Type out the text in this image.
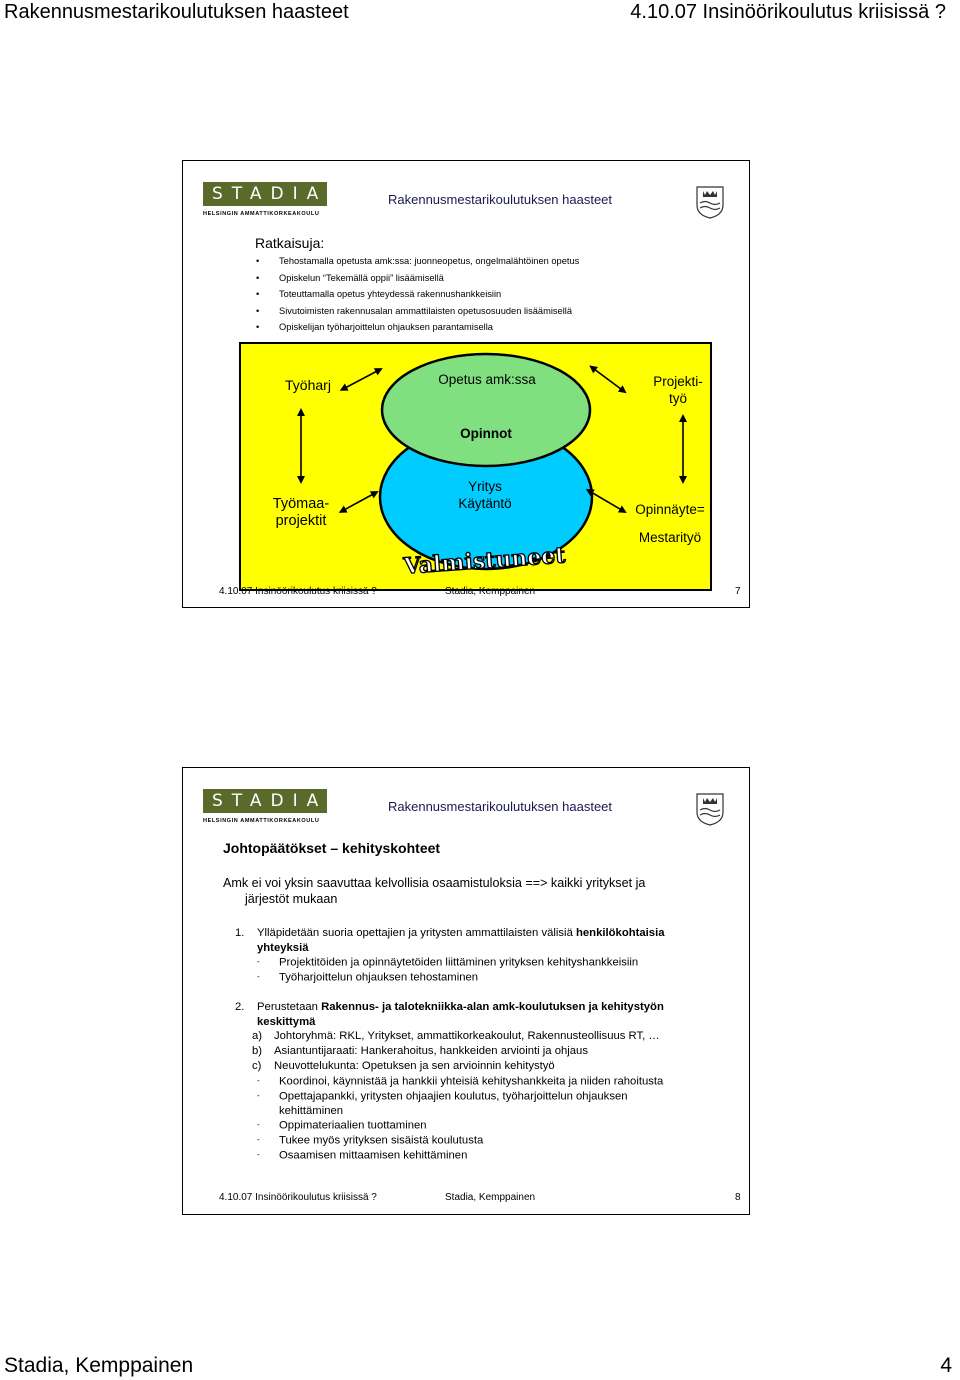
Rakennusmestarikoulutuksen haasteet	4.10.07 Insinöörikoulutus kriisissä ?
STADIA
HELSINGIN AMMATTIKORKEAKOULU
Rakennusmestarikoulutuksen haasteet
Ratkaisuja:
• Tehostamalla opetusta amk:ssa: juonneopetus, ongelmalähtöinen opetus
• Opiskelun “Tekemällä oppii” lisäämisellä
• Toteuttamalla opetus yhteydessä rakennushankkeisiin
• Sivutoimisten rakennusalan ammattilaisten opetusosuuden lisäämisellä
• Opiskelijan työharjoittelun ohjauksen parantamisella
Työharj	Opetus amk:ssa	Projekti-
työ
Opinnot
Työmaa-
projektit
Yritys
Käytäntö	Opinnäyte=
Mestarityö
Valmistuneet
4.10.07 Insinöörikoulutus kriisissä ?	Stadia, Kemppainen	7
STADIA
HELSINGIN AMMATTIKORKEAKOULU
Rakennusmestarikoulutuksen haasteet
Johtopäätökset – kehityskohteet
Amk ei voi yksin saavuttaa kelvollisia osaamistuloksia ==> kaikki yritykset ja
järjestöt mukaan
1. Ylläpidetään suoria opettajien ja yritysten ammattilaisten välisiä henkilökohtaisia
yhteyksiä
- Projektitöiden ja opinnäytetöiden liittäminen yrityksen kehityshankkeisiin
- Työharjoittelun ohjauksen tehostaminen
2. Perustetaan Rakennus- ja talotekniikka-alan amk-koulutuksen ja kehitystyön
keskittymä
a) Johtoryhmä: RKL, Yritykset, ammattikorkeakoulut, Rakennusteollisuus RT, …
b) Asiantuntijaraati: Hankerahoitus, hankkeiden arviointi ja ohjaus
c) Neuvottelukunta: Opetuksen ja sen arvioinnin kehitystyö
- Koordinoi, käynnistää ja hankkii yhteisiä kehityshankkeita ja niiden rahoitusta
- Opettajapankki, yritysten ohjaajien koulutus, työharjoittelun ohjauksen
kehittäminen
- Oppimateriaalien tuottaminen
- Tukee myös yrityksen sisäistä koulutusta
- Osaamisen mittaamisen kehittäminen
4.10.07 Insinöörikoulutus kriisissä ?	Stadia, Kemppainen	8
Stadia, Kemppainen	4
